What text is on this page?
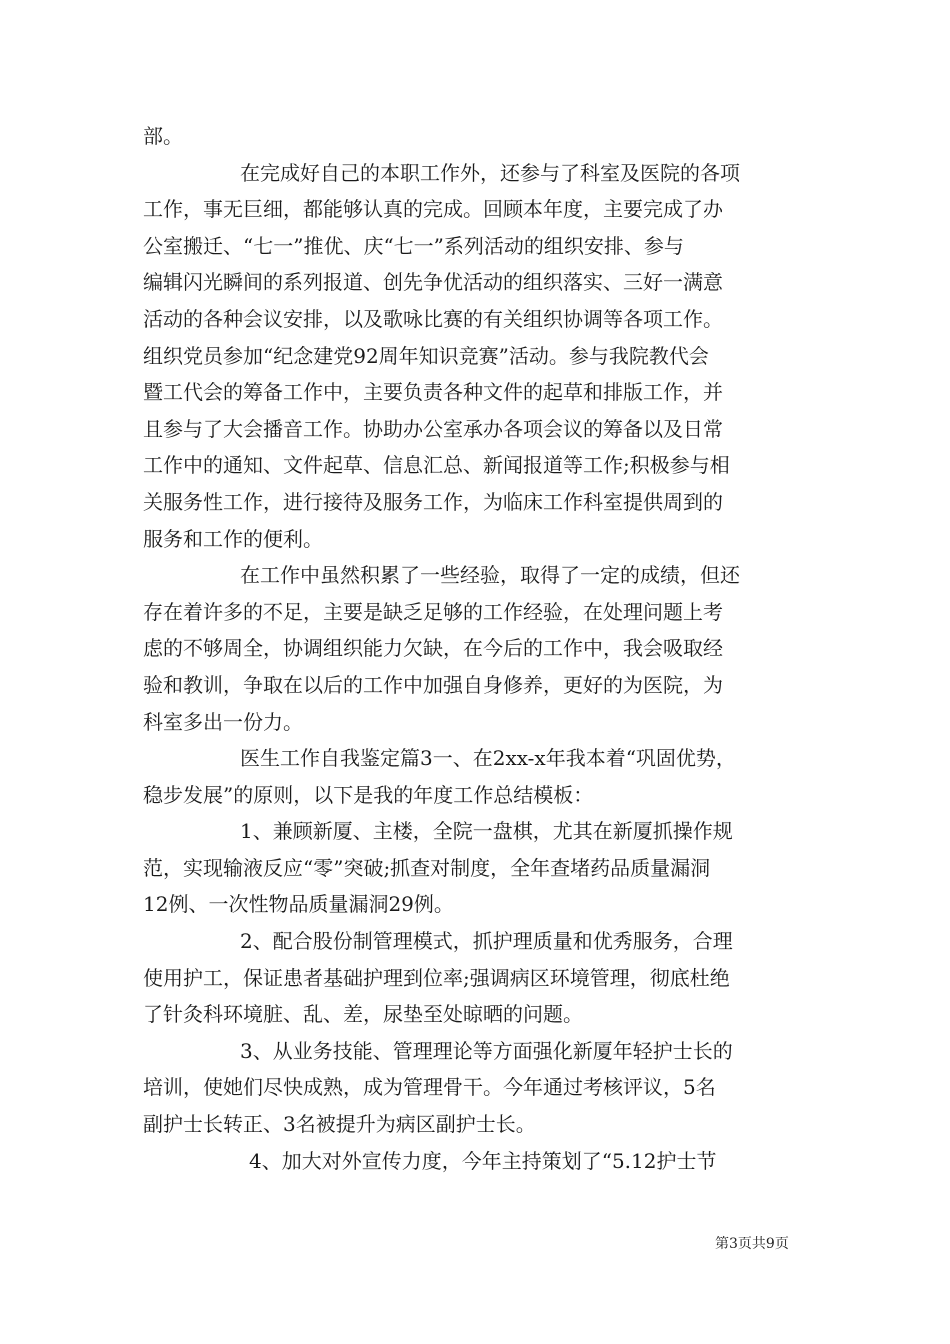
部。
在完成好自己的本职工作外，还参与了科室及医院的各项
工作，事无巨细，都能够认真的完成。回顾本年度，主要完成了办
公室搬迁、“七一”推优、庆“七一”系列活动的组织安排、参与
编辑闪光瞬间的系列报道、创先争优活动的组织落实、三好一满意
活动的各种会议安排，以及歌咏比赛的有关组织协调等各项工作。
组织党员参加“纪念建党92周年知识竞赛”活动。参与我院教代会
暨工代会的筹备工作中，主要负责各种文件的起草和排版工作，并
且参与了大会播音工作。协助办公室承办各项会议的筹备以及日常
工作中的通知、文件起草、信息汇总、新闻报道等工作;积极参与相
关服务性工作，进行接待及服务工作，为临床工作科室提供周到的
服务和工作的便利。
在工作中虽然积累了一些经验，取得了一定的成绩，但还
存在着许多的不足，主要是缺乏足够的工作经验，在处理问题上考
虑的不够周全，协调组织能力欠缺，在今后的工作中，我会吸取经
验和教训，争取在以后的工作中加强自身修养，更好的为医院，为
科室多出一份力。
医生工作自我鉴定篇3一、在2xx-x年我本着“巩固优势，
稳步发展”的原则，以下是我的年度工作总结模板：
1、兼顾新厦、主楼，全院一盘棋，尤其在新厦抓操作规
范，实现输液反应“零”突破;抓查对制度，全年查堵药品质量漏洞
12例、一次性物品质量漏洞29例。
2、配合股份制管理模式，抓护理质量和优秀服务，合理
使用护工，保证患者基础护理到位率;强调病区环境管理，彻底杜绝
了针灸科环境脏、乱、差，尿垫至处晾晒的问题。
3、从业务技能、管理理论等方面强化新厦年轻护士长的
培训，使她们尽快成熟，成为管理骨干。今年通过考核评议，5名
副护士长转正、3名被提升为病区副护士长。
4、加大对外宣传力度，今年主持策划了“5.12护士节
第3页共9页
